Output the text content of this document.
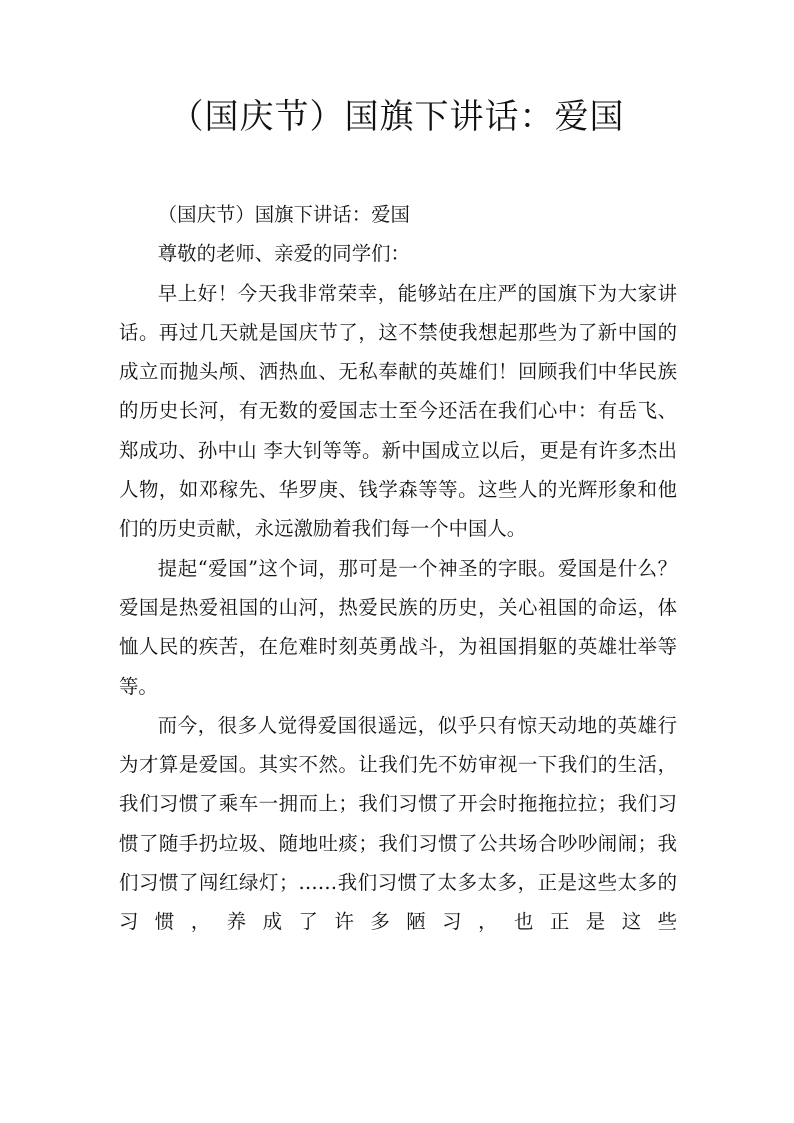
（国庆节）国旗下讲话：爱国

（国庆节）国旗下讲话：爱国

尊敬的老师、亲爱的同学们：

早上好！今天我非常荣幸，能够站在庄严的国旗下为大家讲话。再过几天就是国庆节了，这不禁使我想起那些为了新中国的成立而抛头颅、洒热血、无私奉献的英雄们！回顾我们中华民族的历史长河，有无数的爱国志士至今还活在我们心中：有岳飞、郑成功、孙中山 李大钊等等。新中国成立以后，更是有许多杰出人物，如邓稼先、华罗庚、钱学森等等。这些人的光辉形象和他们的历史贡献，永远激励着我们每一个中国人。

提起“爱国”这个词，那可是一个神圣的字眼。爱国是什么？爱国是热爱祖国的山河，热爱民族的历史，关心祖国的命运，体恤人民的疾苦，在危难时刻英勇战斗，为祖国捐躯的英雄壮举等等。

而今，很多人觉得爱国很遥远，似乎只有惊天动地的英雄行为才算是爱国。其实不然。让我们先不妨审视一下我们的生活，我们习惯了乘车一拥而上；我们习惯了开会时拖拖拉拉；我们习惯了随手扔垃圾、随地吐痰；我们习惯了公共场合吵吵闹闹；我们习惯了闯红绿灯；……我们习惯了太多太多，正是这些太多的习惯，养成了许多陋习，也正是这些
